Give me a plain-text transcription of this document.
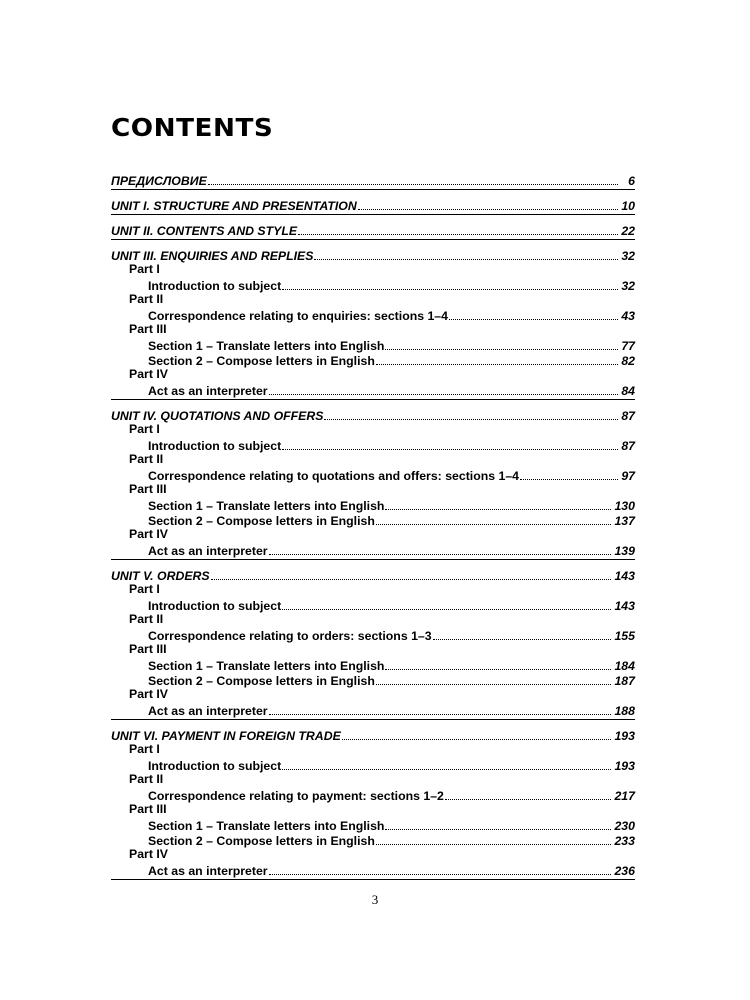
CONTENTS
ПРЕДИСЛОВИЕ	6
UNIT I. STRUCTURE AND PRESENTATION	10
UNIT II. CONTENTS AND STYLE	22
UNIT III. ENQUIRIES AND REPLIES	32
Part I
Introduction to subject	32
Part II
Correspondence relating to enquiries: sections 1–4	43
Part III
Section 1 – Translate letters into English	77
Section 2 – Compose letters in English	82
Part IV
Act as an interpreter	84
UNIT IV. QUOTATIONS AND OFFERS	87
Part I
Introduction to subject	87
Part II
Correspondence relating to quotations and offers: sections 1–4	97
Part III
Section 1 – Translate letters into English	130
Section 2 – Compose letters in English	137
Part IV
Act as an interpreter	139
UNIT V. ORDERS	143
Part I
Introduction to subject	143
Part II
Correspondence relating to orders: sections 1–3	155
Part III
Section 1 – Translate letters into English	184
Section 2 – Compose letters in English	187
Part IV
Act as an interpreter	188
UNIT VI. PAYMENT IN FOREIGN TRADE	193
Part I
Introduction to subject	193
Part II
Correspondence relating to payment: sections 1–2	217
Part III
Section 1 – Translate letters into English	230
Section 2 – Compose letters in English	233
Part IV
Act as an interpreter	236
3
